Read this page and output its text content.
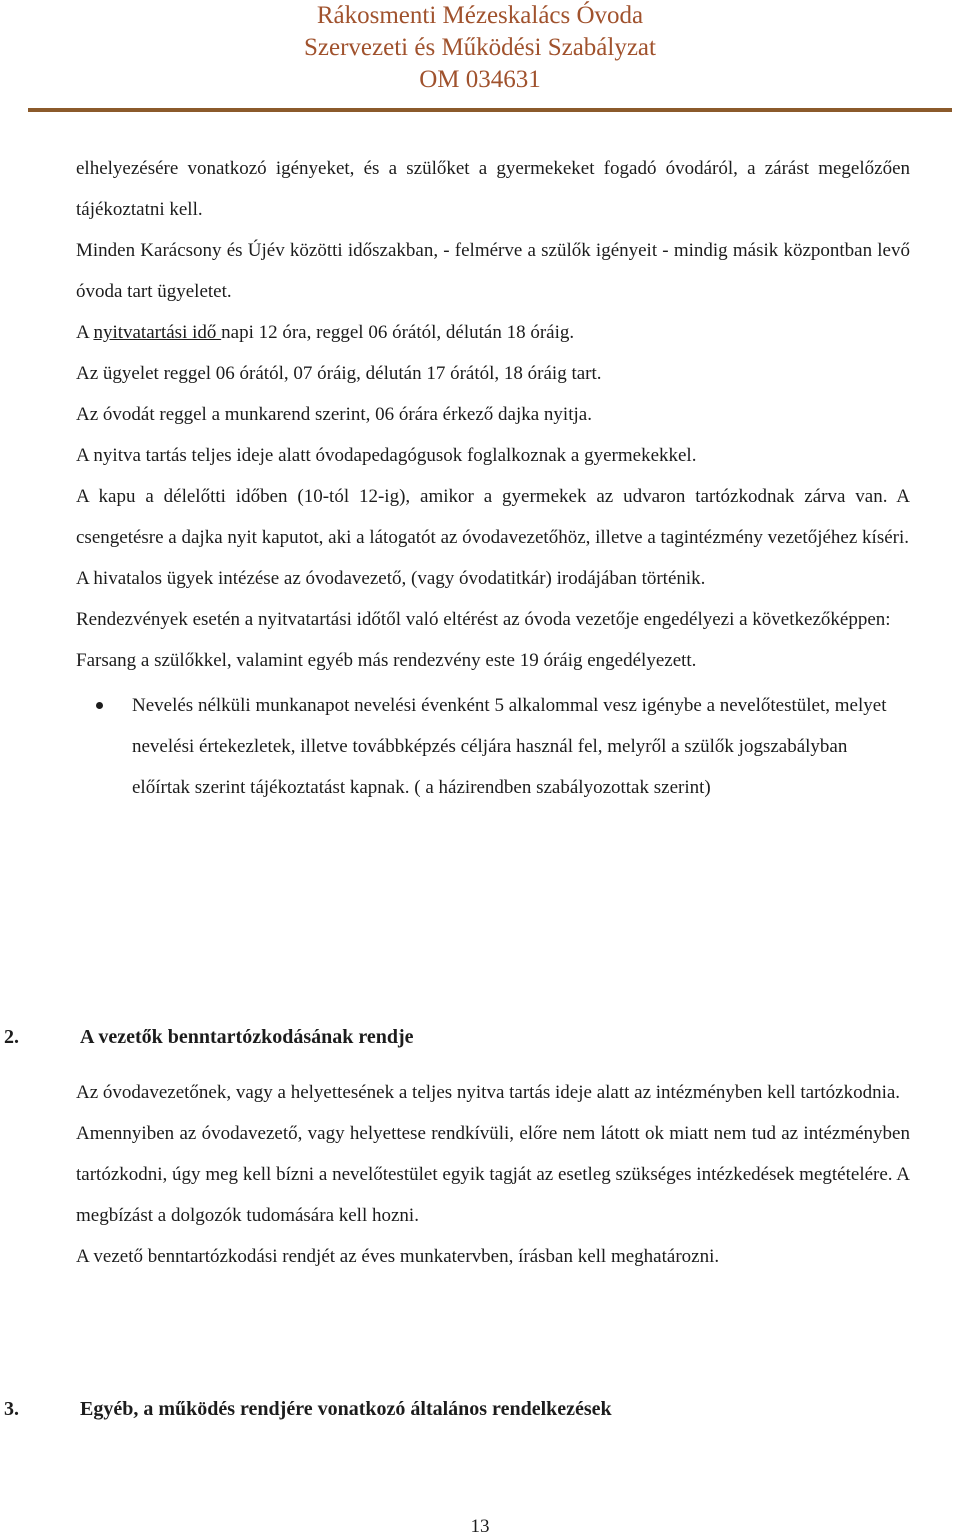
Rákosmenti Mézeskalács Óvoda
Szervezeti és Működési Szabályzat
OM 034631

elhelyezésére vonatkozó igényeket, és a szülőket a gyermekeket fogadó óvodáról, a zárást megelőzően tájékoztatni kell.

Minden Karácsony és Újév közötti időszakban, - felmérve a szülők igényeit - mindig másik központban levő óvoda tart ügyeletet.

A nyitvatartási idő napi 12 óra, reggel 06 órától, délután 18 óráig.

Az ügyelet reggel 06 órától, 07 óráig, délután 17 órától, 18 óráig tart.

Az óvodát reggel a munkarend szerint, 06 órára érkező dajka nyitja.

A nyitva tartás teljes ideje alatt óvodapedagógusok foglalkoznak a gyermekekkel.

A kapu a délelőtti időben (10-tól 12-ig), amikor a gyermekek az udvaron tartózkodnak zárva van. A csengetésre a dajka nyit kaputot, aki a látogatót az óvodavezetőhöz, illetve a tagintézmény vezetőjéhez kíséri.

A hivatalos ügyek intézése az óvodavezető, (vagy óvodatitkár) irodájában történik.

Rendezvények esetén a nyitvatartási időtől való eltérést az óvoda vezetője engedélyezi a következőképpen:

Farsang a szülőkkel, valamint egyéb más rendezvény este 19 óráig engedélyezett.

Nevelés nélküli munkanapot nevelési évenként 5 alkalommal vesz igénybe a nevelőtestület, melyet nevelési értekezletek, illetve továbbképzés céljára használ fel, melyről a szülők jogszabályban előírtak szerint tájékoztatást kapnak. ( a házirendben szabályozottak szerint)

2.	A vezetők benntartózkodásának rendje

Az óvodavezetőnek, vagy a helyettesének a teljes nyitva tartás ideje alatt az intézményben kell tartózkodnia.

Amennyiben az óvodavezető, vagy helyettese rendkívüli, előre nem látott ok miatt nem tud az intézményben tartózkodni, úgy meg kell bízni a nevelőtestület egyik tagját az esetleg szükséges intézkedések megtételére. A megbízást a dolgozók tudomására kell hozni.

A vezető benntartózkodási rendjét az éves munkatervben, írásban kell meghatározni.

3.	Egyéb, a működés rendjére vonatkozó általános rendelkezések
13
